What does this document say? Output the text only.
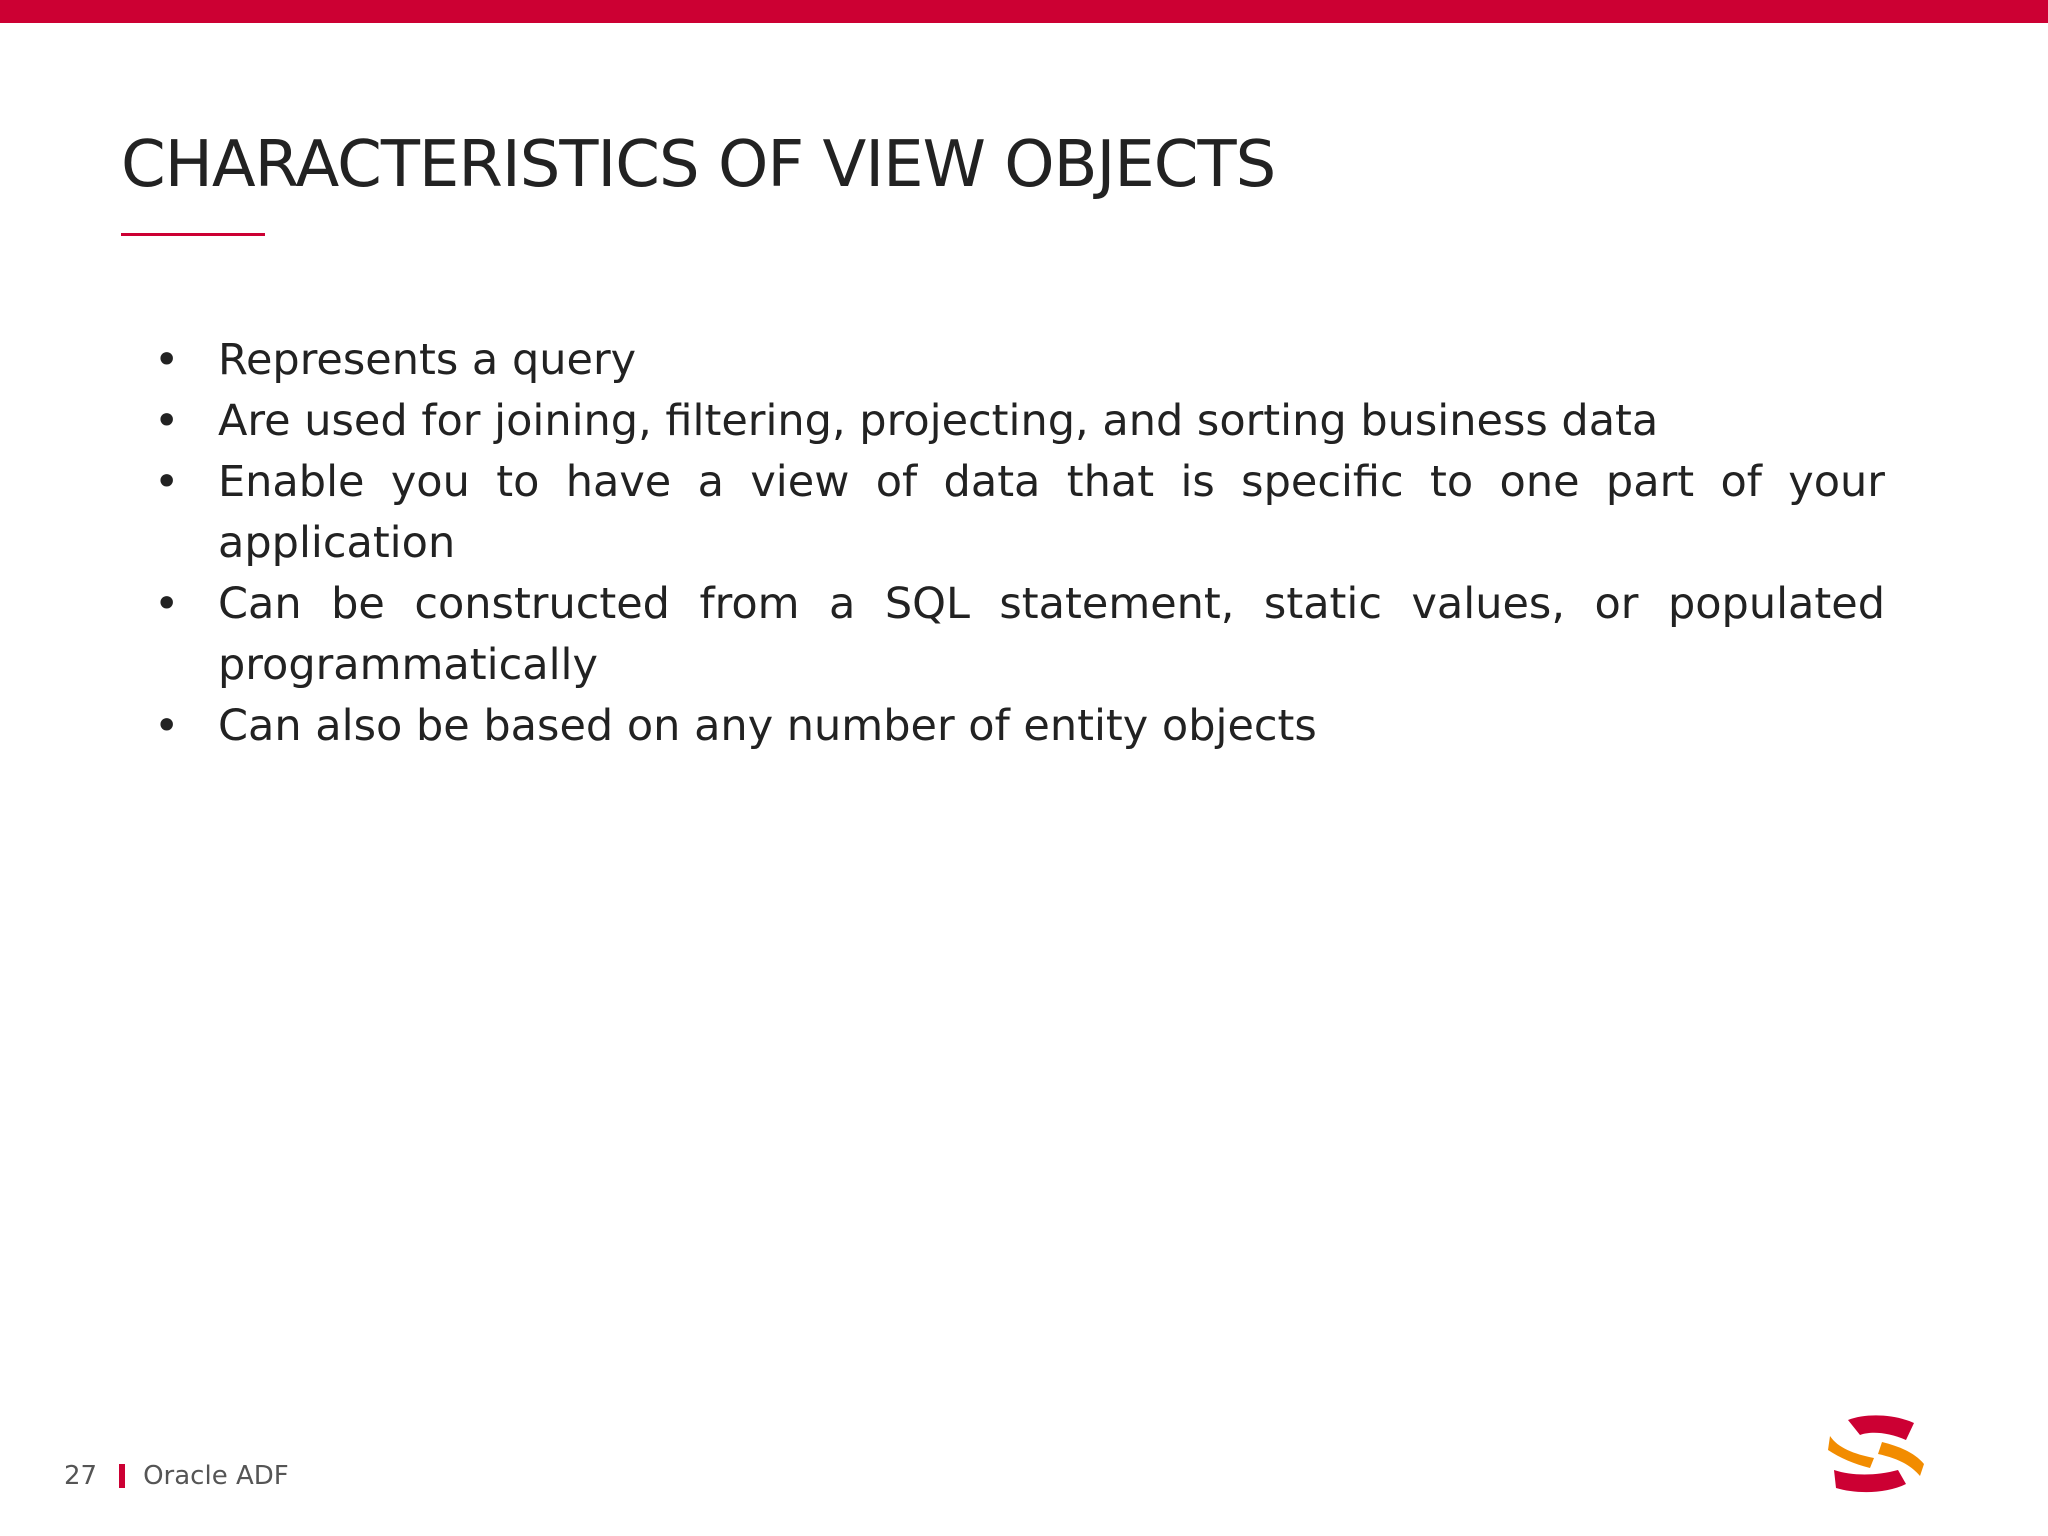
CHARACTERISTICS OF VIEW OBJECTS
• Represents a query
• Are used for joining, filtering, projecting, and sorting business data
• Enable you to have a view of data that is specific to one part of your application
• Can be constructed from a SQL statement, static values, or populated programmatically
• Can also be based on any number of entity objects
27 Oracle ADF
